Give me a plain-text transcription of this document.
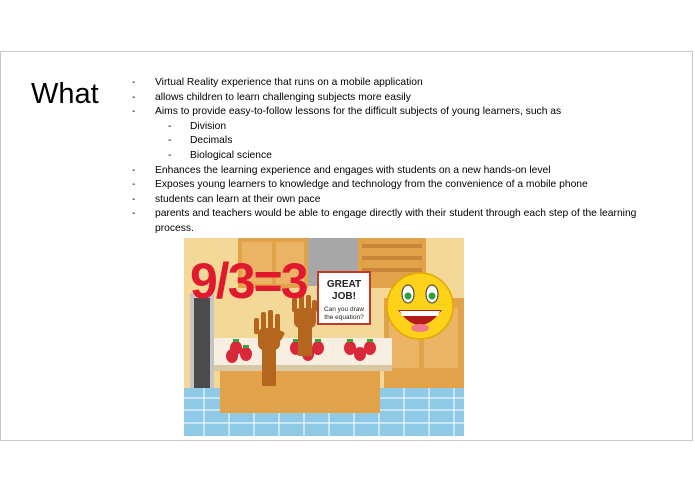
What	- Virtual Reality experience that runs on a mobile application
- allows children to learn challenging subjects more easily
- Aims to provide easy-to-follow lessons for the difficult subjects of young learners, such as
- Division
- Decimals
- Biological science
- Enhances the learning experience and engages with students on a new hands-on level
- Exposes young learners to knowledge and technology from the convenience of a mobile phone
- students can learn at their own pace
- parents and teachers would be able to engage directly with their student through each step of the learning process.
9/3=3 GREAT
JOB!
Can you draw
the equation?
